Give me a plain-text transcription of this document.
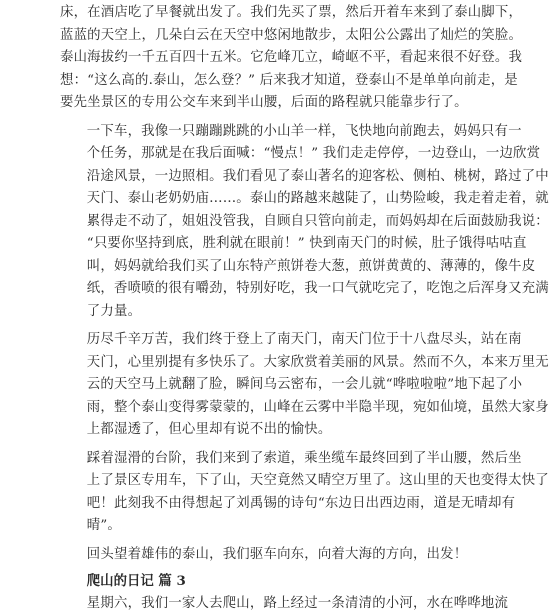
床，在酒店吃了早餐就出发了。我们先买了票，然后开着车来到了泰山脚下，
蓝蓝的天空上，几朵白云在天空中悠闲地散步，太阳公公露出了灿烂的笑脸。
泰山海拔约一千五百四十五米。它危峰兀立，崎岖不平，看起来很不好登。我
想：“这么高的.泰山，怎么登？” 后来我才知道，登泰山不是单单向前走，是
要先坐景区的专用公交车来到半山腰，后面的路程就只能靠步行了。

一下车，我像一只蹦蹦跳跳的小山羊一样，飞快地向前跑去，妈妈只有一
个任务，那就是在我后面喊：“慢点！” 我们走走停停，一边登山，一边欣赏
沿途风景，一边照相。我们看见了泰山著名的迎客松、侧柏、桃树，路过了中
天门、泰山老奶奶庙……。泰山的路越来越陡了，山势险峻，我走着走着，就
累得走不动了，姐姐没管我，自顾自只管向前走，而妈妈却在后面鼓励我说：
“只要你坚持到底，胜利就在眼前！” 快到南天门的时候，肚子饿得咕咕直
叫，妈妈就给我们买了山东特产煎饼卷大葱，煎饼黄黄的、薄薄的，像牛皮
纸，香喷喷的很有嚼劲，特别好吃，我一口气就吃完了，吃饱之后浑身又充满
了力量。

历尽千辛万苦，我们终于登上了南天门，南天门位于十八盘尽头，站在南
天门，心里别提有多快乐了。大家欣赏着美丽的风景。然而不久，本来万里无
云的天空马上就翻了脸，瞬间乌云密布，一会儿就“哗啦啦啦”地下起了小
雨，整个泰山变得雾蒙蒙的，山峰在云雾中半隐半现，宛如仙境，虽然大家身
上都湿透了，但心里却有说不出的愉快。

踩着湿滑的台阶，我们来到了索道，乘坐缆车最终回到了半山腰，然后坐
上了景区专用车，下了山，天空竟然又晴空万里了。这山里的天也变得太快了
吧！此刻我不由得想起了刘禹锡的诗句“东边日出西边雨，道是无晴却有
晴”。

回头望着雄伟的泰山，我们驱车向东，向着大海的方向，出发！

爬山的日记 篇 3

星期六，我们一家人去爬山，路上经过一条清清的小河，水在哗哗地流
